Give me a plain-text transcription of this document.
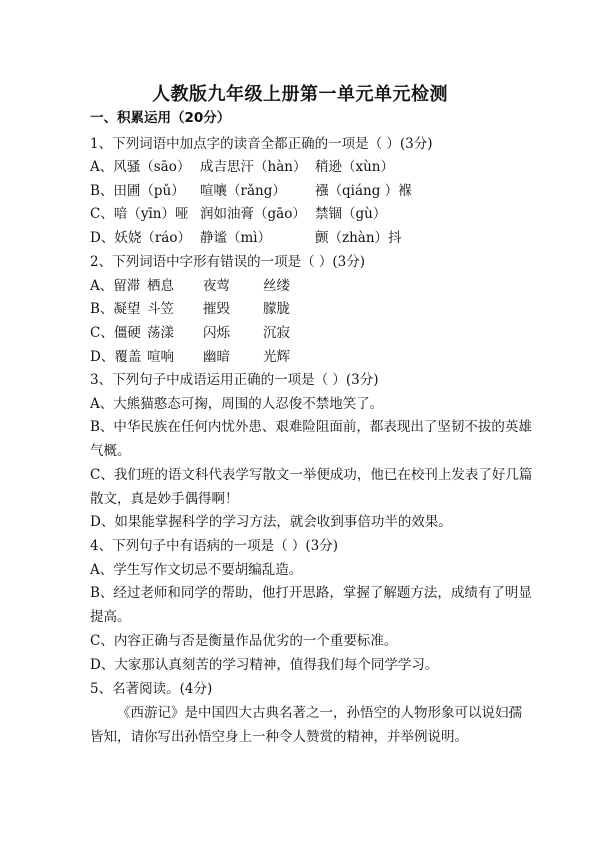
人教版九年级上册第一单元单元检测
一、积累运用（20分）
1、下列词语中加点字的读音全都正确的一项是（ ）(3分)
A、风骚（sāo） 成吉思汗（hàn） 稍逊（xùn）
B、田圃（pǔ） 喧嚷（rǎng） 襁（qiáng ）褓
C、喑（yīn）哑 润如油膏（gāo） 禁锢（gù）
D、妖娆（ráo） 静谧（mì）	颤（zhàn）抖
2、下列词语中字形有错误的一项是（ ）(3分)
A、留滞 栖息 夜莺 丝缕
B、凝望 斗笠 摧毁 朦胧
C、僵硬 荡漾 闪烁 沉寂
D、覆盖 喧响 幽暗 光辉
3、下列句子中成语运用正确的一项是（ ）(3分)
A、大熊猫憨态可掬，周围的人忍俊不禁地笑了。
B、中华民族在任何内忧外患、艰难险阻面前，都表现出了坚韧不拔的英雄
气概。
C、我们班的语文科代表学写散文一举便成功，他已在校刊上发表了好几篇
散文，真是妙手偶得啊！
D、如果能掌握科学的学习方法，就会收到事倍功半的效果。
4、下列句子中有语病的一项是（ ）(3分)
A、学生写作文切忌不要胡编乱造。
B、经过老师和同学的帮助，他打开思路，掌握了解题方法，成绩有了明显
提高。
C、内容正确与否是衡量作品优劣的一个重要标准。
D、大家那认真刻苦的学习精神，值得我们每个同学学习。
5、名著阅读。(4分)
《西游记》是中国四大古典名著之一，孙悟空的人物形象可以说妇孺
皆知，请你写出孙悟空身上一种令人赞赏的精神，并举例说明。
